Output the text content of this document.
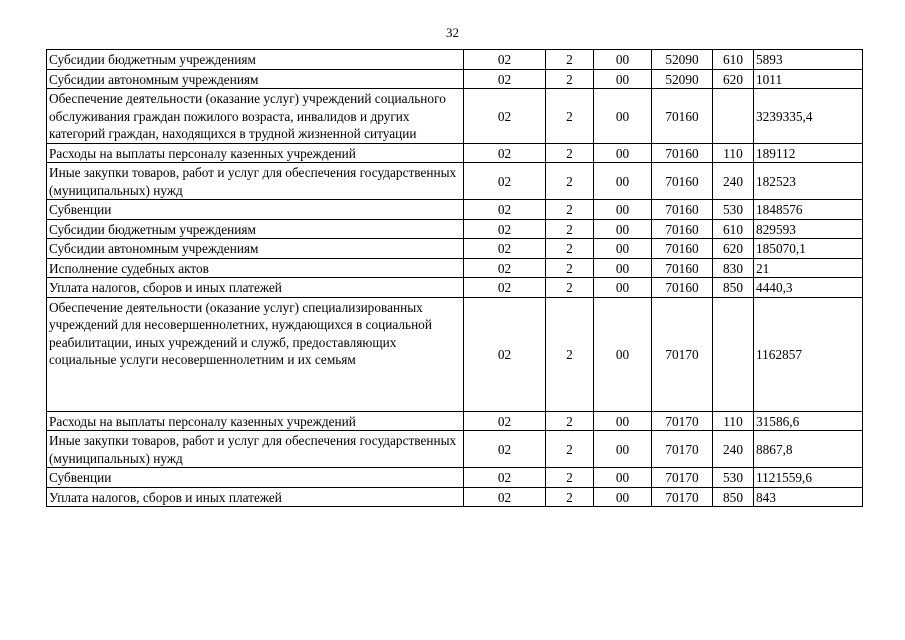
32
Субсидии бюджетным учреждениям	02	2	00	52090	610	5893
Субсидии автономным учреждениям	02	2	00	52090	620	1011
Обеспечение деятельности (оказание услуг) учреждений социального обслуживания граждан пожилого возраста, инвалидов и других категорий граждан, находящихся в трудной жизненной ситуации	02	2	00	70160		3239335,4
Расходы на выплаты персоналу казенных учреждений	02	2	00	70160	110	189112
Иные закупки товаров, работ и услуг для обеспечения государственных (муниципальных) нужд	02	2	00	70160	240	182523
Субвенции	02	2	00	70160	530	1848576
Субсидии бюджетным учреждениям	02	2	00	70160	610	829593
Субсидии автономным учреждениям	02	2	00	70160	620	185070,1
Исполнение судебных актов	02	2	00	70160	830	21
Уплата налогов, сборов и иных платежей	02	2	00	70160	850	4440,3
Обеспечение деятельности (оказание услуг) специализированных учреждений для несовершеннолетних, нуждающихся в социальной реабилитации, иных учреждений и служб, предоставляющих социальные услуги несовершеннолетним и их семьям	02	2	00	70170		1162857
Расходы на выплаты персоналу казенных учреждений	02	2	00	70170	110	31586,6
Иные закупки товаров, работ и услуг для обеспечения государственных (муниципальных) нужд	02	2	00	70170	240	8867,8
Субвенции	02	2	00	70170	530	1121559,6
Уплата налогов, сборов и иных платежей	02	2	00	70170	850	843
